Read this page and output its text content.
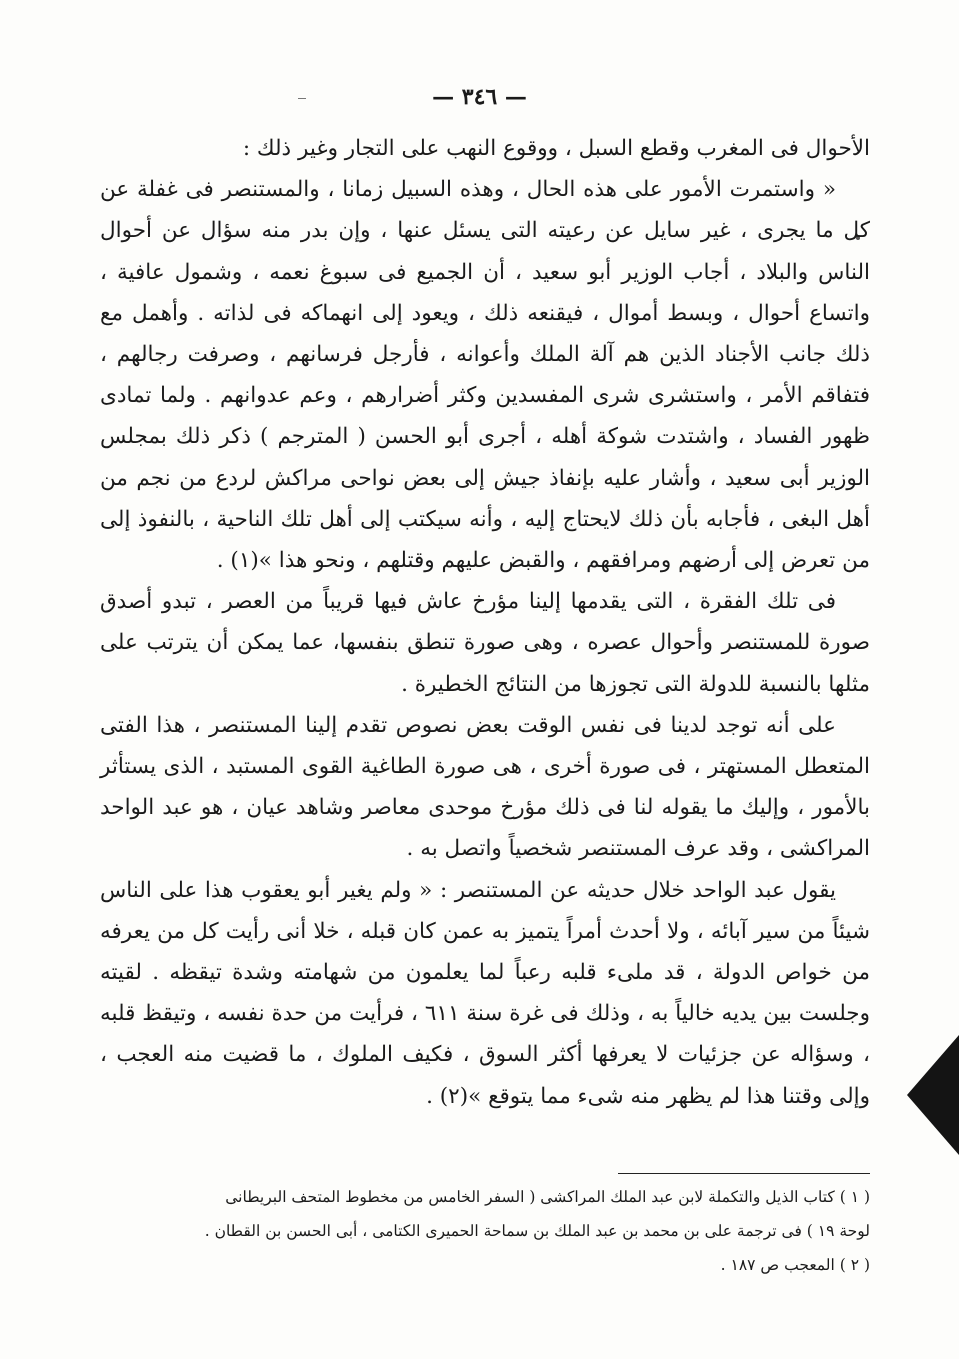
— ٣٤٦ —

الأحوال فى المغرب وقطع السبل ، ووقوع النهب على التجار وغير ذلك :

« واستمرت الأمور على هذه الحال ، وهذه السبيل زمانا ، والمستنصر فى غفلة عن كل ما يجرى ، غير سايل عن رعيته التى يسئل عنها ، وإن بدر منه سؤال عن أحوال الناس والبلاد ، أجاب الوزير أبو سعيد ، أن الجميع فى سبوغ نعمه ، وشمول عافية ، واتساع أحوال ، وبسط أموال ، فيقنعه ذلك ، ويعود إلى انهماكه فى لذاته . وأهمل مع ذلك جانب الأجناد الذين هم آلة الملك وأعوانه ، فأرجل فرسانهم ، وصرفت رجالهم ، فتفاقم الأمر ، واستشرى شرى المفسدين وكثر أضرارهم ، وعم عدوانهم . ولما تمادى ظهور الفساد ، واشتدت شوكة أهله ، أجرى أبو الحسن ( المترجم ) ذكر ذلك بمجلس الوزير أبى سعيد ، وأشار عليه بإنفاذ جيش إلى بعض نواحى مراكش لردع من نجم من أهل البغى ، فأجابه بأن ذلك لايحتاج إليه ، وأنه سيكتب إلى أهل تلك الناحية ، بالنفوذ إلى من تعرض إلى أرضهم ومرافقهم ، والقبض عليهم وقتلهم ، ونحو هذا »(١) .

فى تلك الفقرة ، التى يقدمها إلينا مؤرخ عاش فيها قريباً من العصر ، تبدو أصدق صورة للمستنصر وأحوال عصره ، وهى صورة تنطق بنفسها، عما يمكن أن يترتب على مثلها بالنسبة للدولة التى تجوزها من النتائج الخطيرة .

على أنه توجد لدينا فى نفس الوقت بعض نصوص تقدم إلينا المستنصر ، هذا الفتى المتعطل المستهتر ، فى صورة أخرى ، هى صورة الطاغية القوى المستبد ، الذى يستأثر بالأمور ، وإليك ما يقوله لنا فى ذلك مؤرخ موحدى معاصر وشاهد عيان ، هو عبد الواحد المراكشى ، وقد عرف المستنصر شخصياً واتصل به .

يقول عبد الواحد خلال حديثه عن المستنصر : « ولم يغير أبو يعقوب هذا على الناس شيئاً من سير آبائه ، ولا أحدث أمراً يتميز به عمن كان قبله ، خلا أنى رأيت كل من يعرفه من خواص الدولة ، قد ملىء قلبه رعباً لما يعلمون من شهامته وشدة تيقظه . لقيته وجلست بين يديه خالياً به ، وذلك فى غرة سنة ٦١١ ، فرأيت من حدة نفسه ، وتيقظ قلبه ، وسؤاله عن جزئيات لا يعرفها أكثر السوق ، فكيف الملوك ، ما قضيت منه العجب ، وإلى وقتنا هذا لم يظهر منه شىء مما يتوقع »(٢) .

( ١ ) كتاب الذيل والتكملة لابن عبد الملك المراكشى ( السفر الخامس من مخطوط المتحف البريطانى

لوحة ١٩ ) فى ترجمة على بن محمد بن عبد الملك بن سماحة الحميرى الكتامى ، أبى الحسن بن القطان .

( ٢ ) المعجب ص ١٨٧ .
